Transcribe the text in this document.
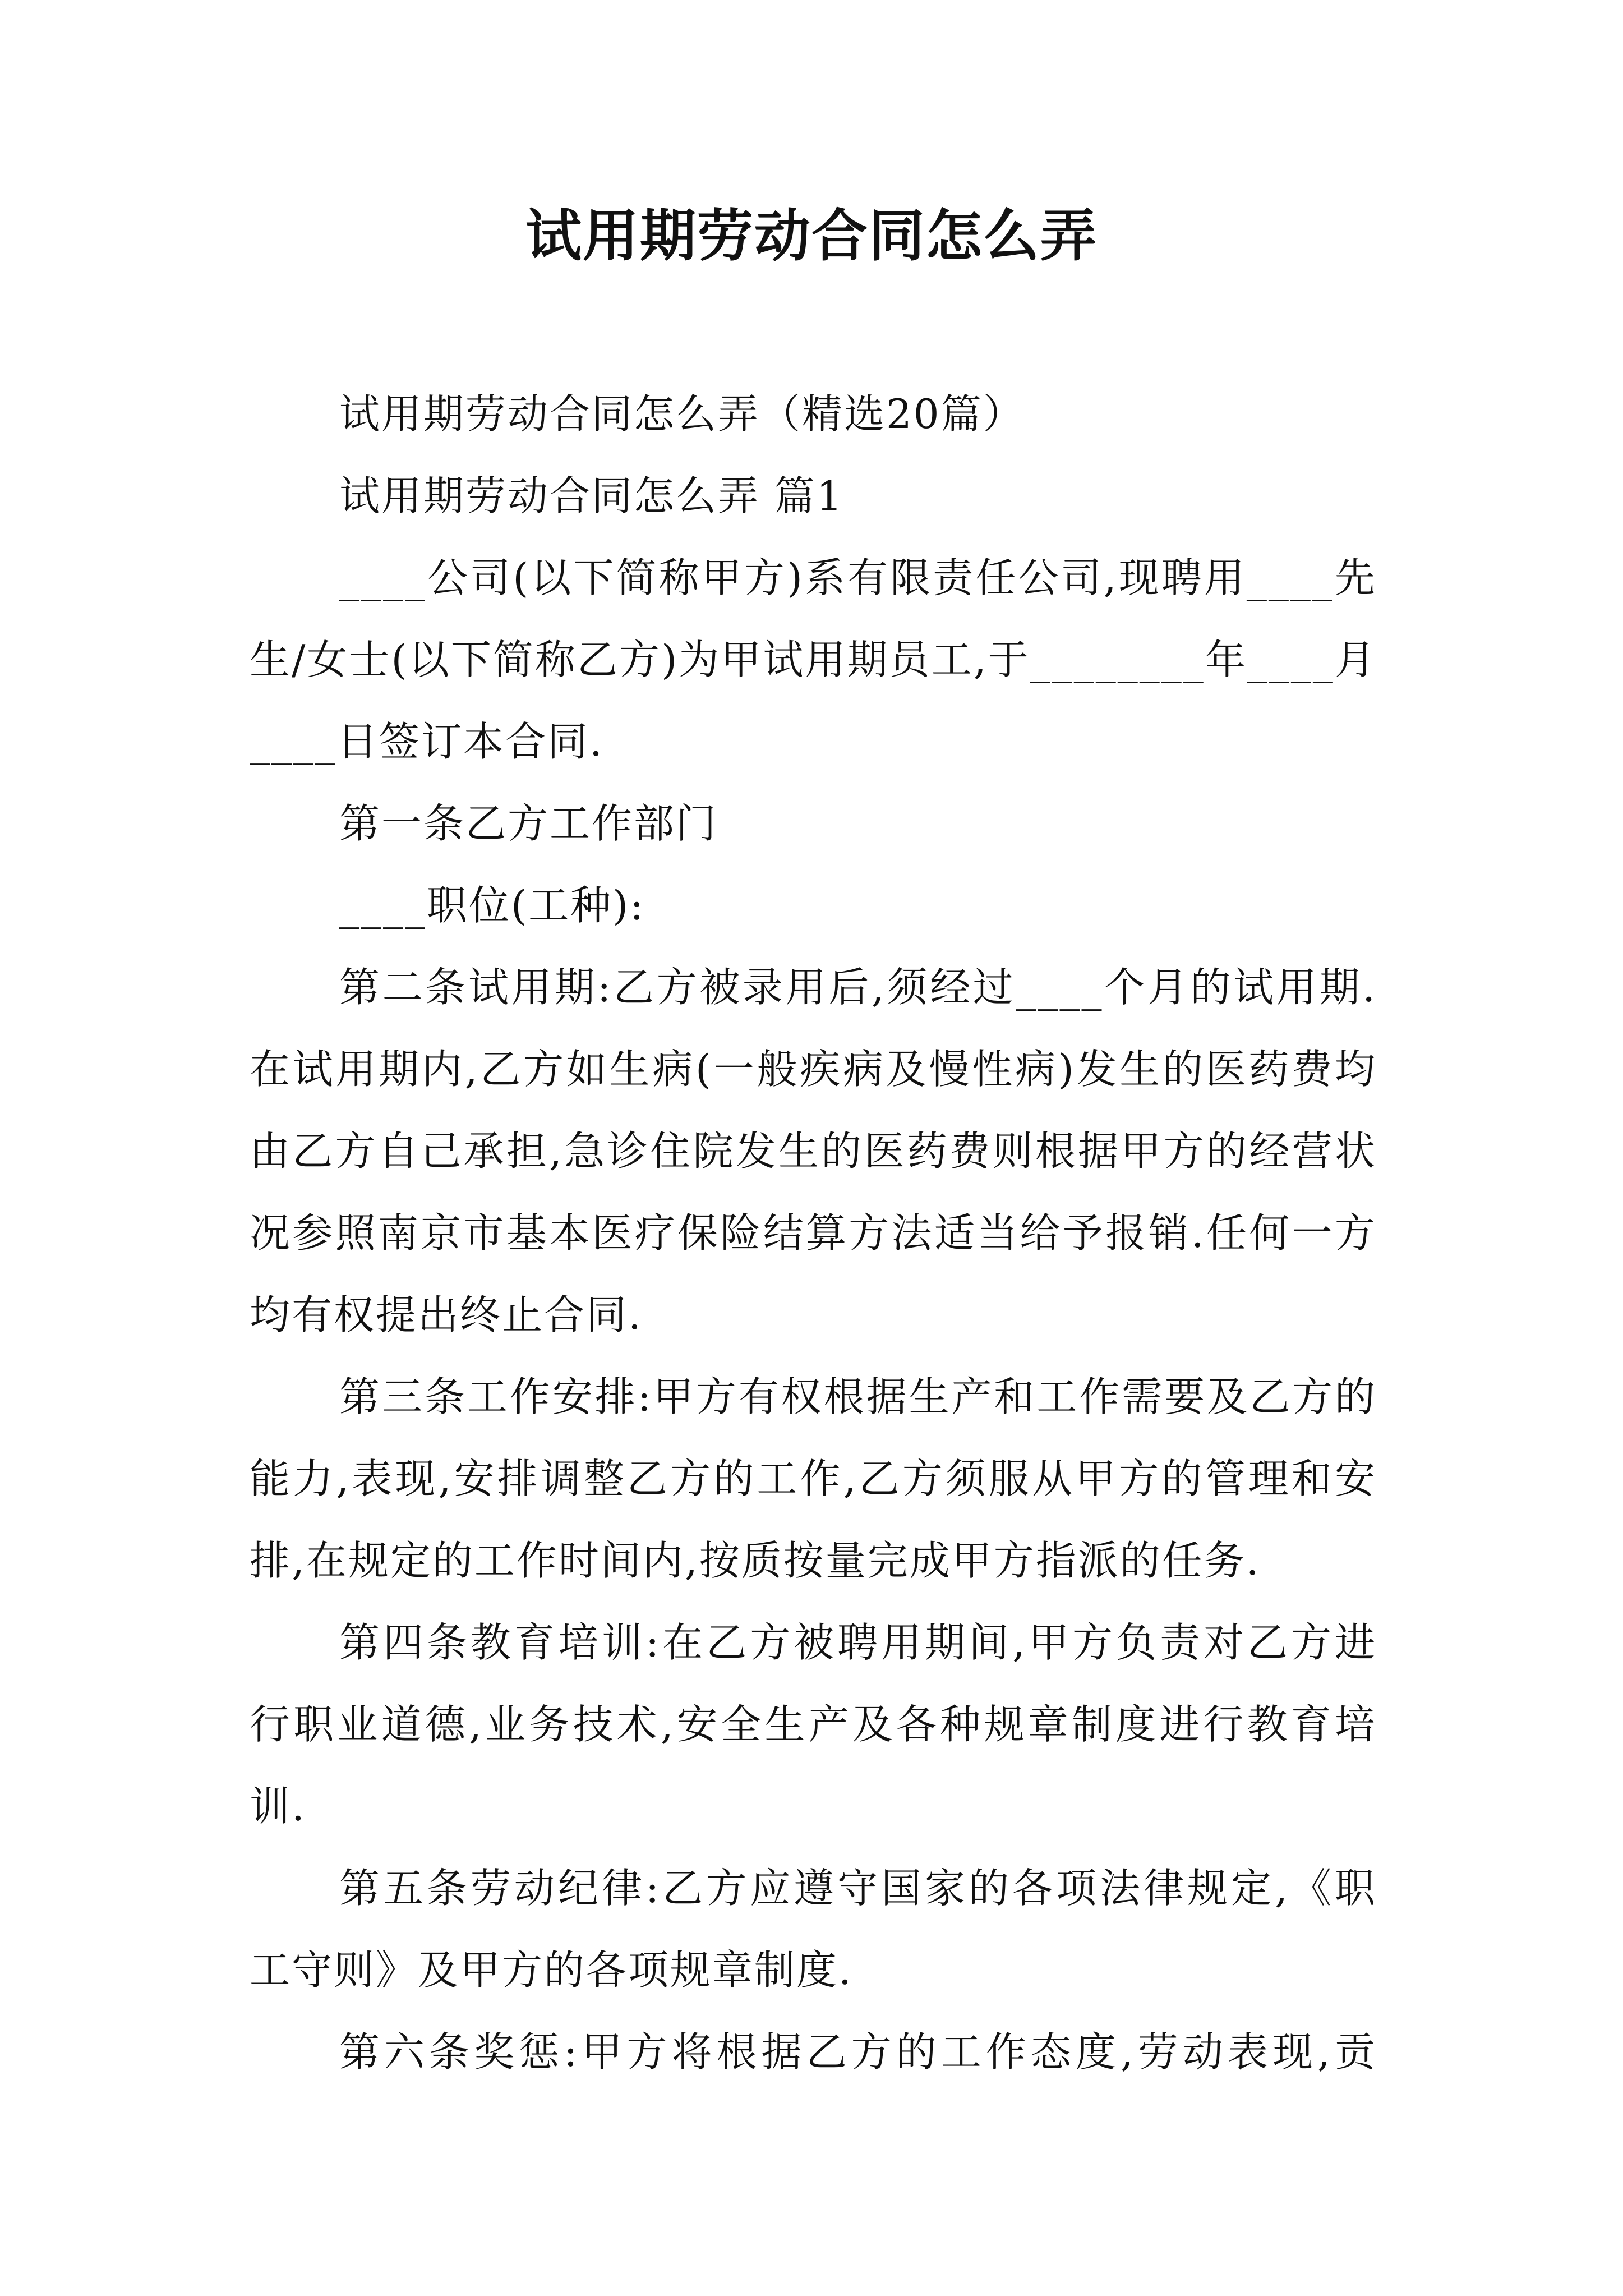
试用期劳动合同怎么弄

试用期劳动合同怎么弄（精选20篇）

试用期劳动合同怎么弄 篇1

____公司(以下简称甲方)系有限责任公司,现聘用____先生/女士(以下简称乙方)为甲试用期员工,于________年____月____日签订本合同.

第一条乙方工作部门

____职位(工种):

第二条试用期:乙方被录用后,须经过____个月的试用期.在试用期内,乙方如生病(一般疾病及慢性病)发生的医药费均由乙方自己承担,急诊住院发生的医药费则根据甲方的经营状况参照南京市基本医疗保险结算方法适当给予报销.任何一方均有权提出终止合同.

第三条工作安排:甲方有权根据生产和工作需要及乙方的能力,表现,安排调整乙方的工作,乙方须服从甲方的管理和安排,在规定的工作时间内,按质按量完成甲方指派的任务.

第四条教育培训:在乙方被聘用期间,甲方负责对乙方进行职业道德,业务技术,安全生产及各种规章制度进行教育培训.

第五条劳动纪律:乙方应遵守国家的各项法律规定,《职工守则》及甲方的各项规章制度.

第六条奖惩:甲方将根据乙方的工作态度,劳动表现,贡
